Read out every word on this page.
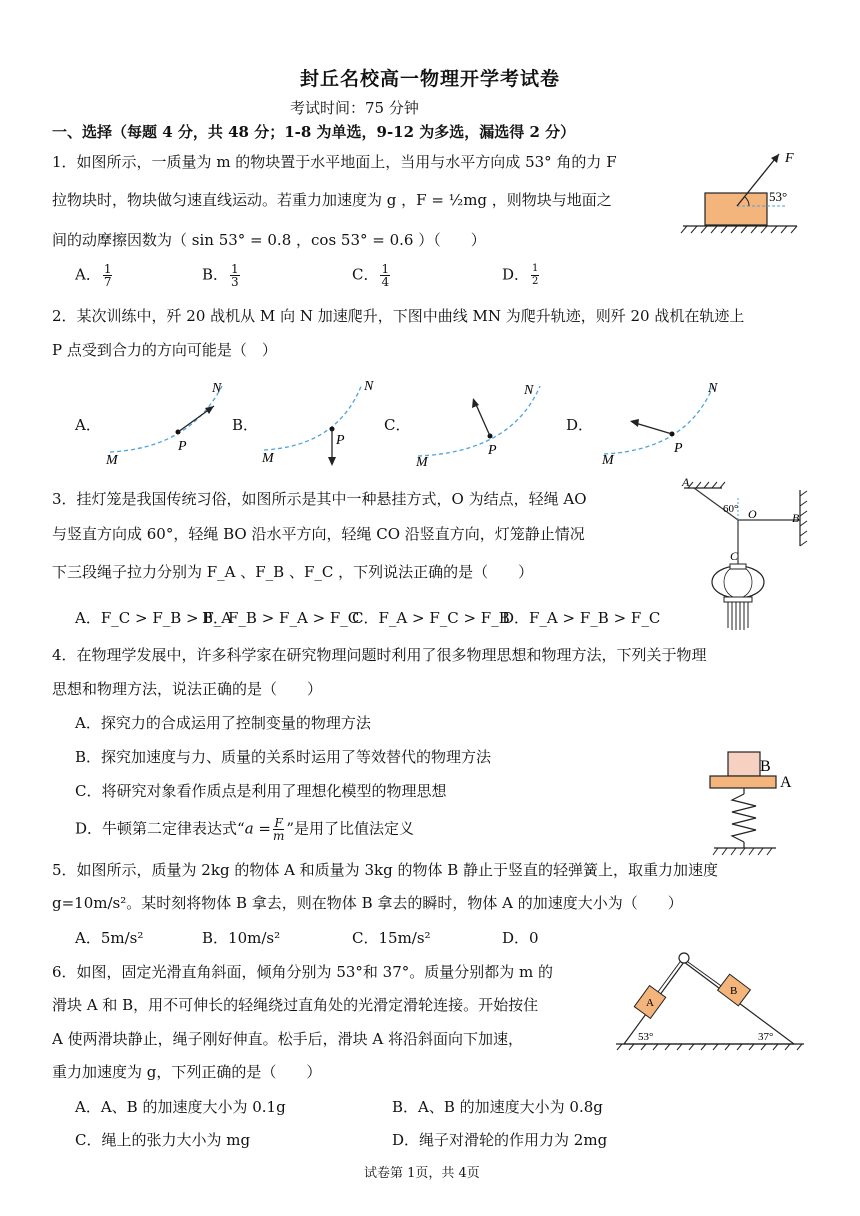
封丘名校高一物理开学考试卷
考试时间：75 分钟
一、选择（每题 4 分，共 48 分；1-8 为单选，9-12 为多选，漏选得 2 分）
1．如图所示，一质量为 m 的物块置于水平地面上，当用与水平方向成 53° 角的力 F
拉物块时，物块做匀速直线运动。若重力加速度为 g ，F = ½mg ，则物块与地面之
间的动摩擦因数为（ sin 53° = 0.8 ，cos 53° = 0.6 ）（　　）
A． $\frac{1}{7}$	B． $\frac{1}{3}$	C． $\frac{1}{4}$	D． $\frac{1}{2}$
F
53°
2．某次训练中，歼 20 战机从 M 向 N 加速爬升，下图中曲线 MN 为爬升轨迹，则歼 20 战机在轨迹上
P 点受到合力的方向可能是（　）
A．	B．	C．	D．
M
N
P
M
N
P
M
N
P
M
N
P
3．挂灯笼是我国传统习俗，如图所示是其中一种悬挂方式，O 为结点，轻绳 AO
与竖直方向成 60°，轻绳 BO 沿水平方向，轻绳 CO 沿竖直方向，灯笼静止情况
下三段绳子拉力分别为 F_A 、F_B 、F_C ，下列说法正确的是（　　）
A．F_C > F_B > F_A
B．F_B > F_A > F_C
C．F_A > F_C > F_B
D．F_A > F_B > F_C
A
B
O
C
60°
4．在物理学发展中，许多科学家在研究物理问题时利用了很多物理思想和物理方法，下列关于物理
思想和物理方法，说法正确的是（　　）
A．探究力的合成运用了控制变量的物理方法
B．探究加速度与力、质量的关系时运用了等效替代的物理方法
C．将研究对象看作质点是利用了理想化模型的物理思想
D．牛顿第二定律表达式“$a = \frac{F}{m}$ ”是用了比值法定义
B
A
5．如图所示，质量为 2kg 的物体 A 和质量为 3kg 的物体 B 静止于竖直的轻弹簧上，取重力加速度
g=10m/s²。某时刻将物体 B 拿去，则在物体 B 拿去的瞬时，物体 A 的加速度大小为（　　）
A．5m/s²	B．10m/s²	C．15m/s²	D．0
6．如图，固定光滑直角斜面，倾角分别为 53°和 37°。质量分别都为 m 的
滑块 A 和 B，用不可伸长的轻绳绕过直角处的光滑定滑轮连接。开始按住
A 使两滑块静止，绳子刚好伸直。松手后，滑块 A 将沿斜面向下加速，
重力加速度为 g，下列正确的是（　　）
A．A、B 的加速度大小为 0.1g	B．A、B 的加速度大小为 0.8g
C．绳上的张力大小为 mg	D．绳子对滑轮的作用力为 2mg
A
B
53°	37°
试卷第 1页，共 4页
